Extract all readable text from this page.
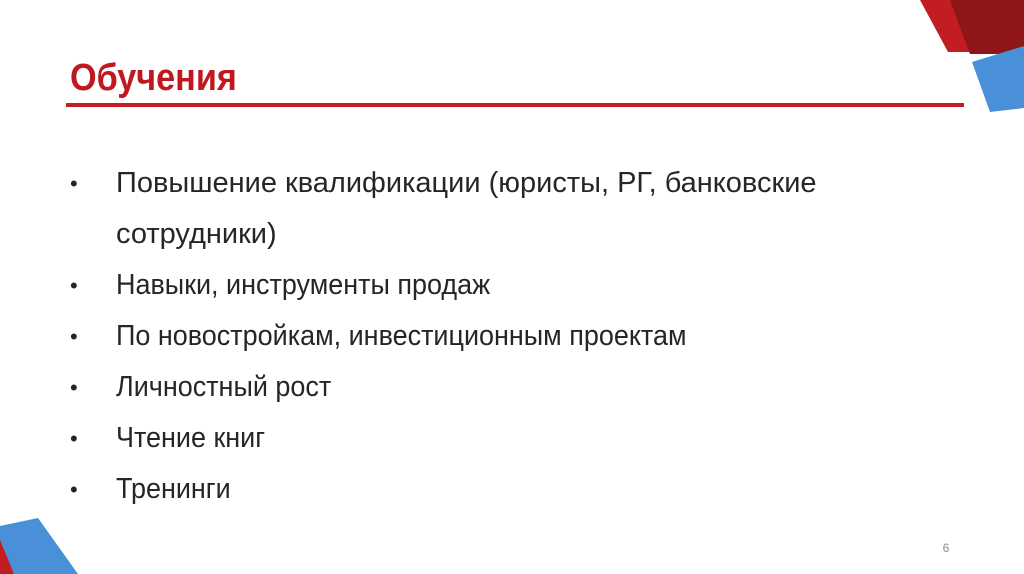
Обучения
• Повышение квалификации (юристы, РГ, банковские сотрудники)
• Навыки, инструменты продаж
• По новостройкам, инвестиционным проектам
• Личностный рост
• Чтение книг
• Тренинги
6
